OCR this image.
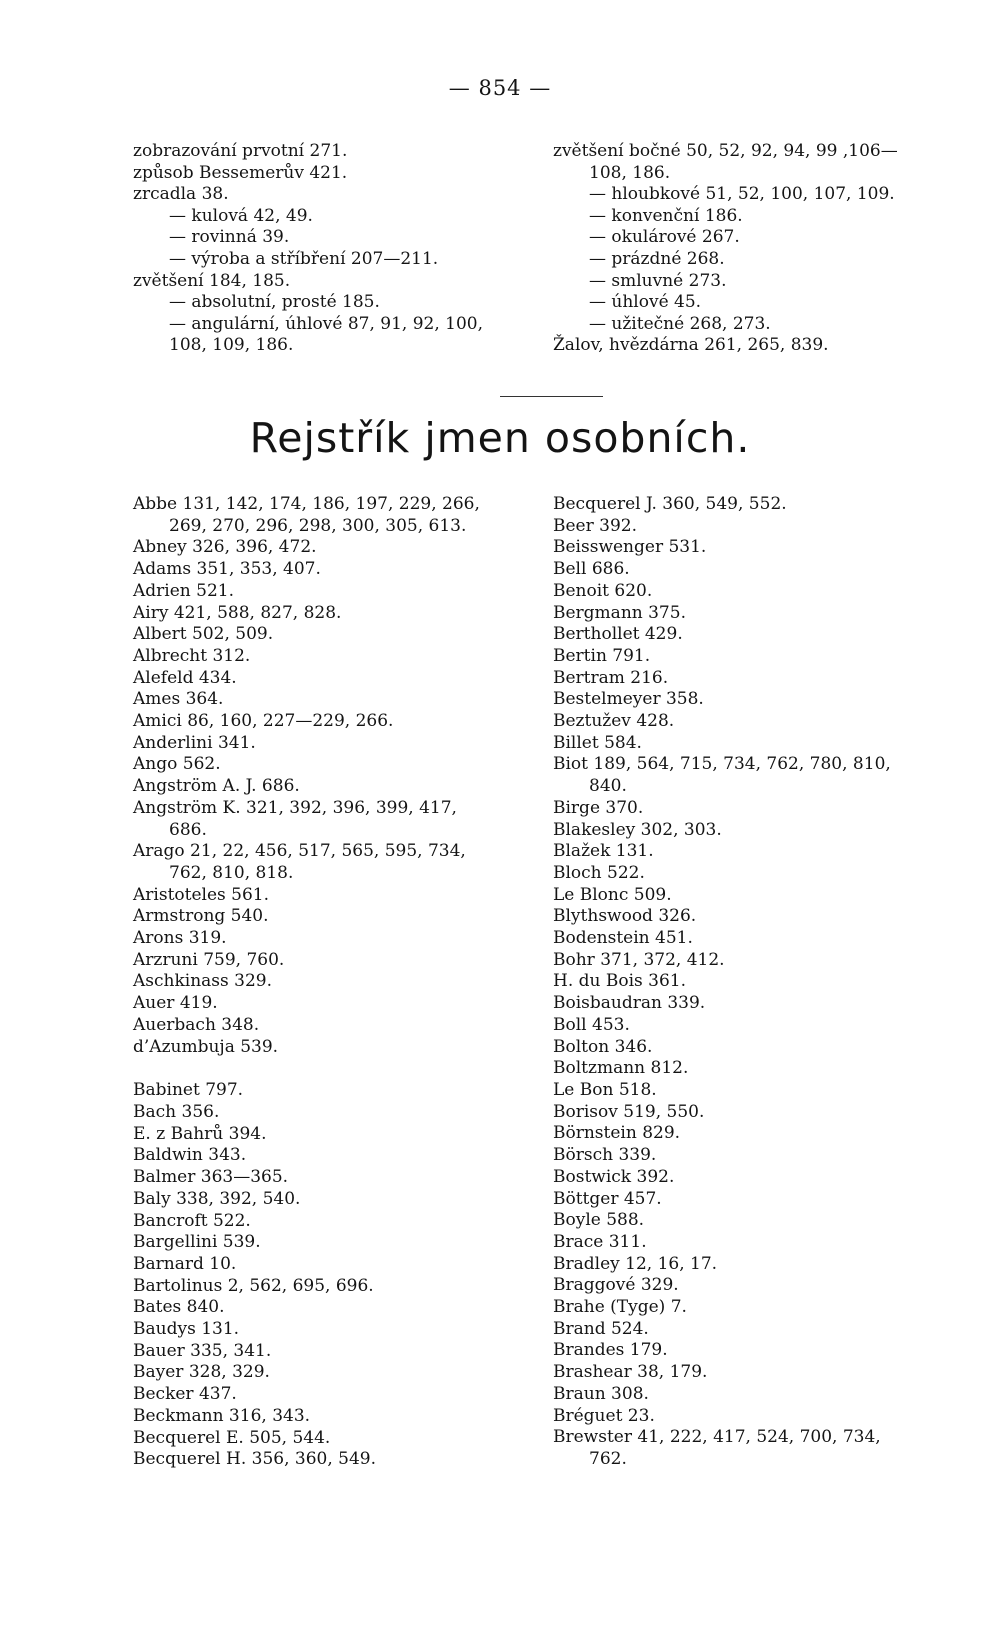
— 854 —
zobrazování prvotní 271.
způsob Bessemerův 421.
zrcadla 38.
— kulová 42, 49.
— rovinná 39.
— výroba a stříbření 207—211.
zvětšení 184, 185.
— absolutní, prosté 185.
— angulární, úhlové 87, 91, 92, 100,
108, 109, 186.
zvětšení bočné 50, 52, 92, 94, 99 ,106—
108, 186.
— hloubkové 51, 52, 100, 107, 109.
— konvenční 186.
— okulárové 267.
— prázdné 268.
— smluvné 273.
— úhlové 45.
— užitečné 268, 273.
Žalov, hvězdárna 261, 265, 839.
Rejstřík jmen osobních.
Abbe 131, 142, 174, 186, 197, 229, 266,
269, 270, 296, 298, 300, 305, 613.
Abney 326, 396, 472.
Adams 351, 353, 407.
Adrien 521.
Airy 421, 588, 827, 828.
Albert 502, 509.
Albrecht 312.
Alefeld 434.
Ames 364.
Amici 86, 160, 227—229, 266.
Anderlini 341.
Ango 562.
Angström A. J. 686.
Angström K. 321, 392, 396, 399, 417,
686.
Arago 21, 22, 456, 517, 565, 595, 734,
762, 810, 818.
Aristoteles 561.
Armstrong 540.
Arons 319.
Arzruni 759, 760.
Aschkinass 329.
Auer 419.
Auerbach 348.
d’Azumbuja 539.
Babinet 797.
Bach 356.
E. z Bahrů 394.
Baldwin 343.
Balmer 363—365.
Baly 338, 392, 540.
Bancroft 522.
Bargellini 539.
Barnard 10.
Bartolinus 2, 562, 695, 696.
Bates 840.
Baudys 131.
Bauer 335, 341.
Bayer 328, 329.
Becker 437.
Beckmann 316, 343.
Becquerel E. 505, 544.
Becquerel H. 356, 360, 549.
Becquerel J. 360, 549, 552.
Beer 392.
Beisswenger 531.
Bell 686.
Benoit 620.
Bergmann 375.
Berthollet 429.
Bertin 791.
Bertram 216.
Bestelmeyer 358.
Beztužev 428.
Billet 584.
Biot 189, 564, 715, 734, 762, 780, 810,
840.
Birge 370.
Blakesley 302, 303.
Blažek 131.
Bloch 522.
Le Blonc 509.
Blythswood 326.
Bodenstein 451.
Bohr 371, 372, 412.
H. du Bois 361.
Boisbaudran 339.
Boll 453.
Bolton 346.
Boltzmann 812.
Le Bon 518.
Borisov 519, 550.
Börnstein 829.
Börsch 339.
Bostwick 392.
Böttger 457.
Boyle 588.
Brace 311.
Bradley 12, 16, 17.
Braggové 329.
Brahe (Tyge) 7.
Brand 524.
Brandes 179.
Brashear 38, 179.
Braun 308.
Bréguet 23.
Brewster 41, 222, 417, 524, 700, 734,
762.
